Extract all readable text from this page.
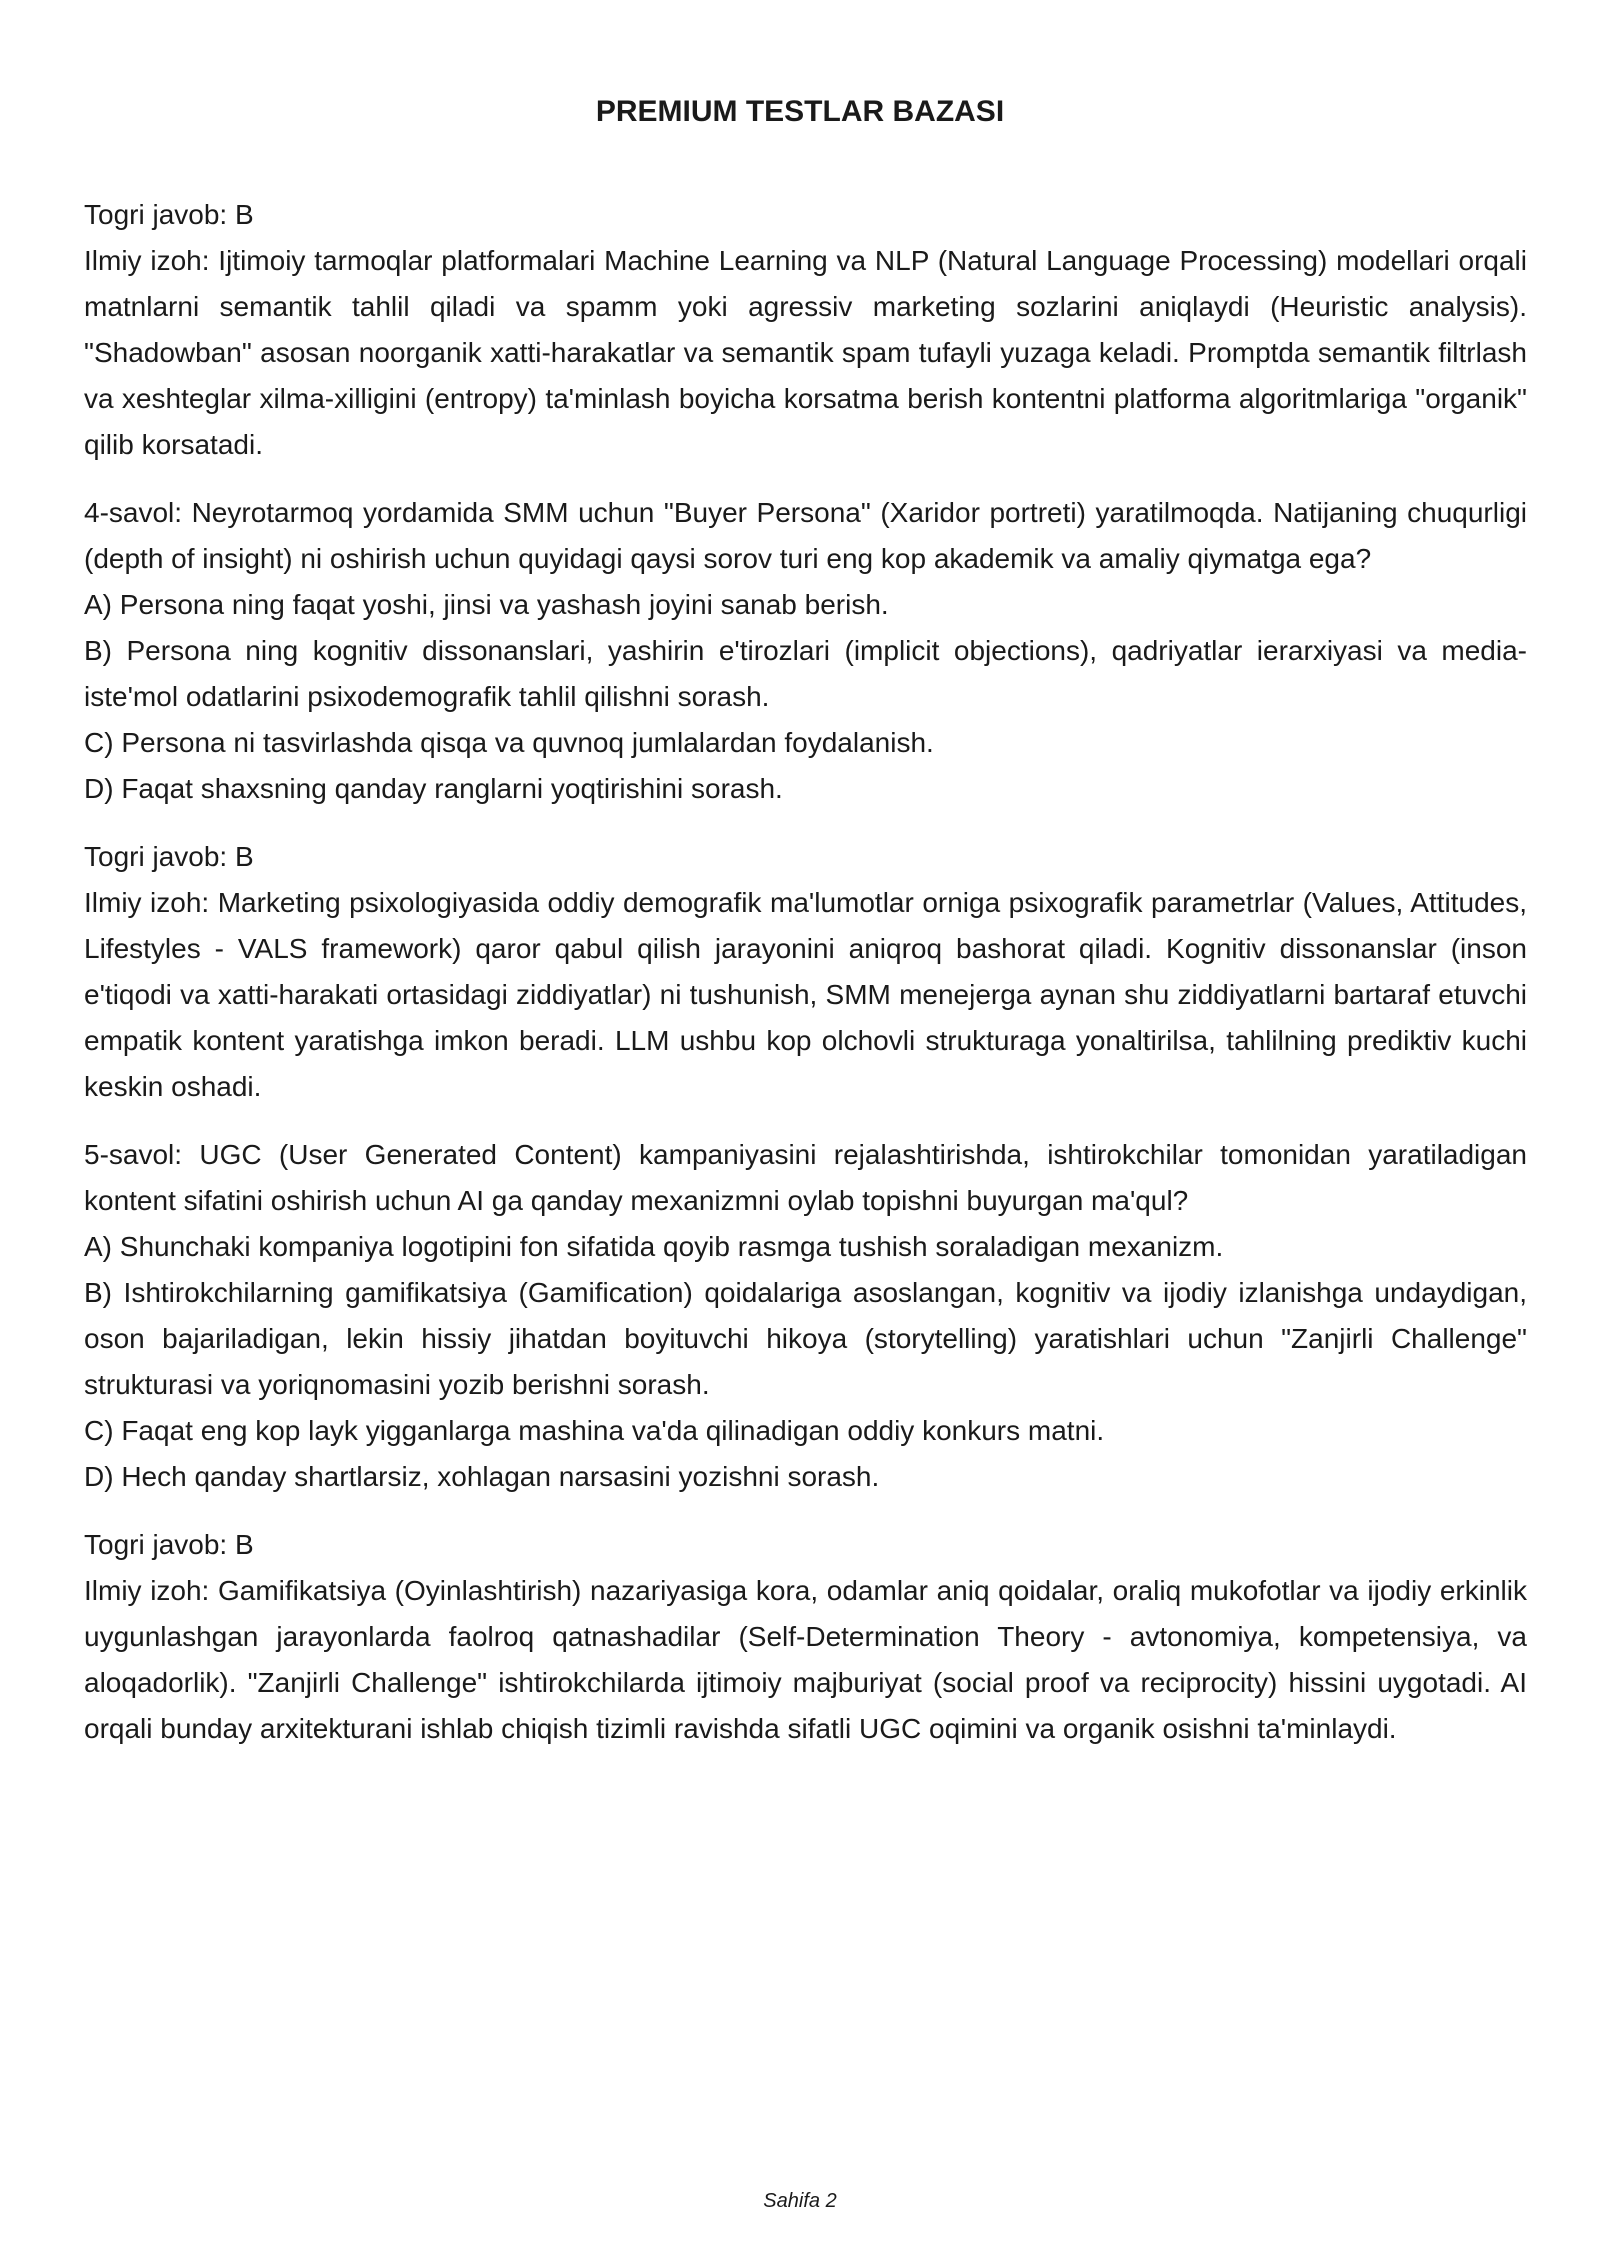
PREMIUM TESTLAR BAZASI

Togri javob: B

Ilmiy izoh: Ijtimoiy tarmoqlar platformalari Machine Learning va NLP (Natural Language Processing) modellari orqali matnlarni semantik tahlil qiladi va spamm yoki agressiv marketing sozlarini aniqlaydi (Heuristic analysis). "Shadowban" asosan noorganik xatti-harakatlar va semantik spam tufayli yuzaga keladi. Promptda semantik filtrlash va xeshteglar xilma-xilligini (entropy) ta'minlash boyicha korsatma berish kontentni platforma algoritmlariga "organik" qilib korsatadi.

4-savol: Neyrotarmoq yordamida SMM uchun "Buyer Persona" (Xaridor portreti) yaratilmoqda. Natijaning chuqurligi (depth of insight) ni oshirish uchun quyidagi qaysi sorov turi eng kop akademik va amaliy qiymatga ega?

A) Persona ning faqat yoshi, jinsi va yashash joyini sanab berish.

B) Persona ning kognitiv dissonanslari, yashirin e'tirozlari (implicit objections), qadriyatlar ierarxiyasi va media-iste'mol odatlarini psixodemografik tahlil qilishni sorash.

C) Persona ni tasvirlashda qisqa va quvnoq jumlalardan foydalanish.

D) Faqat shaxsning qanday ranglarni yoqtirishini sorash.

Togri javob: B

Ilmiy izoh: Marketing psixologiyasida oddiy demografik ma'lumotlar orniga psixografik parametrlar (Values, Attitudes, Lifestyles - VALS framework) qaror qabul qilish jarayonini aniqroq bashorat qiladi. Kognitiv dissonanslar (inson e'tiqodi va xatti-harakati ortasidagi ziddiyatlar) ni tushunish, SMM menejerga aynan shu ziddiyatlarni bartaraf etuvchi empatik kontent yaratishga imkon beradi. LLM ushbu kop olchovli strukturaga yonaltirilsa, tahlilning prediktiv kuchi keskin oshadi.

5-savol: UGC (User Generated Content) kampaniyasini rejalashtirishda, ishtirokchilar tomonidan yaratiladigan kontent sifatini oshirish uchun AI ga qanday mexanizmni oylab topishni buyurgan ma'qul?

A) Shunchaki kompaniya logotipini fon sifatida qoyib rasmga tushish soraladigan mexanizm.

B) Ishtirokchilarning gamifikatsiya (Gamification) qoidalariga asoslangan, kognitiv va ijodiy izlanishga undaydigan, oson bajariladigan, lekin hissiy jihatdan boyituvchi hikoya (storytelling) yaratishlari uchun "Zanjirli Challenge" strukturasi va yoriqnomasini yozib berishni sorash.

C) Faqat eng kop layk yigganlarga mashina va'da qilinadigan oddiy konkurs matni.

D) Hech qanday shartlarsiz, xohlagan narsasini yozishni sorash.

Togri javob: B

Ilmiy izoh: Gamifikatsiya (Oyinlashtirish) nazariyasiga kora, odamlar aniq qoidalar, oraliq mukofotlar va ijodiy erkinlik uygunlashgan jarayonlarda faolroq qatnashadilar (Self-Determination Theory - avtonomiya, kompetensiya, va aloqadorlik). "Zanjirli Challenge" ishtirokchilarda ijtimoiy majburiyat (social proof va reciprocity) hissini uygotadi. AI orqali bunday arxitekturani ishlab chiqish tizimli ravishda sifatli UGC oqimini va organik osishni ta'minlaydi.

Sahifa 2
